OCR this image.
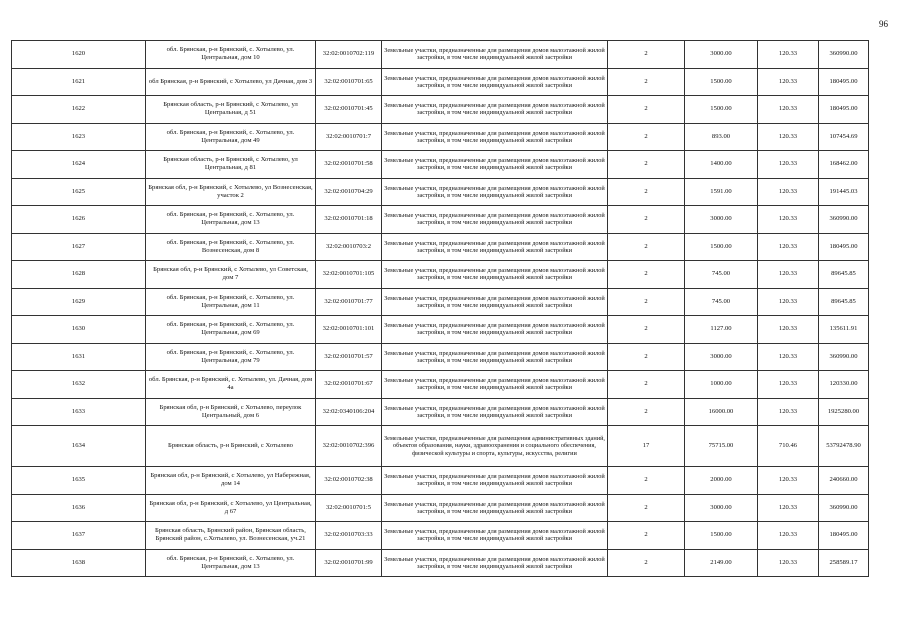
96
1620	обл. Брянская, р-н Брянский, с. Хотылево, ул. Центральная, дом 10	32:02:0010702:119	Земельные участки, предназначенные для размещения домов малоэтажной жилой застройки, в том числе индивидуальной жилой застройки	2	3000.00	120.33	360990.00
1621	обл Брянская, р-н Брянский, с Хотылево, ул Дачная, дом 3	32:02:0010701:65	Земельные участки, предназначенные для размещения домов малоэтажной жилой застройки, в том числе индивидуальной жилой застройки	2	1500.00	120.33	180495.00
1622	Брянская область, р-н Брянский, с Хотылево, ул Центральная, д 51	32:02:0010701:45	Земельные участки, предназначенные для размещения домов малоэтажной жилой застройки, в том числе индивидуальной жилой застройки	2	1500.00	120.33	180495.00
1623	обл. Брянская, р-н Брянский, с. Хотылево, ул. Центральная, дом 49	32:02:0010701:7	Земельные участки, предназначенные для размещения домов малоэтажной жилой застройки, в том числе индивидуальной жилой застройки	2	893.00	120.33	107454.69
1624	Брянская область, р-н Брянский, с Хотылево, ул Центральная, д 81	32:02:0010701:58	Земельные участки, предназначенные для размещения домов малоэтажной жилой застройки, в том числе индивидуальной жилой застройки	2	1400.00	120.33	168462.00
1625	Брянская обл, р-н Брянский, с Хотылево, ул Вознесенская, участок 2	32:02:0010704:29	Земельные участки, предназначенные для размещения домов малоэтажной жилой застройки, в том числе индивидуальной жилой застройки	2	1591.00	120.33	191445.03
1626	обл. Брянская, р-н Брянский, с. Хотылево, ул. Центральная, дом 13	32:02:0010701:18	Земельные участки, предназначенные для размещения домов малоэтажной жилой застройки, в том числе индивидуальной жилой застройки	2	3000.00	120.33	360990.00
1627	обл. Брянская, р-н Брянский, с. Хотылево, ул. Вознесенская, дом 8	32:02:0010703:2	Земельные участки, предназначенные для размещения домов малоэтажной жилой застройки, в том числе индивидуальной жилой застройки	2	1500.00	120.33	180495.00
1628	Брянская обл, р-н Брянский, с Хотылево, ул Советская, дом 7	32:02:0010701:105	Земельные участки, предназначенные для размещения домов малоэтажной жилой застройки, в том числе индивидуальной жилой застройки	2	745.00	120.33	89645.85
1629	обл. Брянская, р-н Брянский, с. Хотылево, ул. Центральная, дом 11	32:02:0010701:77	Земельные участки, предназначенные для размещения домов малоэтажной жилой застройки, в том числе индивидуальной жилой застройки	2	745.00	120.33	89645.85
1630	обл. Брянская, р-н Брянский, с. Хотылево, ул. Центральная, дом 69	32:02:0010701:101	Земельные участки, предназначенные для размещения домов малоэтажной жилой застройки, в том числе индивидуальной жилой застройки	2	1127.00	120.33	135611.91
1631	обл. Брянская, р-н Брянский, с. Хотылево, ул. Центральная, дом 79	32:02:0010701:57	Земельные участки, предназначенные для размещения домов малоэтажной жилой застройки, в том числе индивидуальной жилой застройки	2	3000.00	120.33	360990.00
1632	обл. Брянская, р-н Брянский, с. Хотылево, ул. Дачная, дом 4а	32:02:0010701:67	Земельные участки, предназначенные для размещения домов малоэтажной жилой застройки, в том числе индивидуальной жилой застройки	2	1000.00	120.33	120330.00
1633	Брянская обл, р-н Брянский, с Хотылево, переулок Центральный, дом 6	32:02:0340106:204	Земельные участки, предназначенные для размещения домов малоэтажной жилой застройки, в том числе индивидуальной жилой застройки	2	16000.00	120.33	1925280.00
1634	Брянская область, р-н Брянский, с Хотылево	32:02:0010702:396	Земельные участки, предназначенные для размещения административных зданий, объектов образования, науки, здравоохранения и социального обеспечения, физической культуры и спорта, культуры, искусства, религии	17	75715.00	710.46	53792478.90
1635	Брянская обл, р-н Брянский, с Хотылево, ул Набережная, дом 14	32:02:0010702:38	Земельные участки, предназначенные для размещения домов малоэтажной жилой застройки, в том числе индивидуальной жилой застройки	2	2000.00	120.33	240660.00
1636	Брянская обл, р-н Брянский, с Хотылево, ул Центральная, д 67	32:02:0010701:5	Земельные участки, предназначенные для размещения домов малоэтажной жилой застройки, в том числе индивидуальной жилой застройки	2	3000.00	120.33	360990.00
1637	Брянская область, Брянский район, Брянская область, Брянский район, с.Хотылево, ул. Вознесенская, уч.21	32:02:0010703:33	Земельные участки, предназначенные для размещения домов малоэтажной жилой застройки, в том числе индивидуальной жилой застройки	2	1500.00	120.33	180495.00
1638	обл. Брянская, р-н Брянский, с. Хотылево, ул. Центральная, дом 13	32:02:0010701:99	Земельные участки, предназначенные для размещения домов малоэтажной жилой застройки, в том числе индивидуальной жилой застройки	2	2149.00	120.33	258589.17
